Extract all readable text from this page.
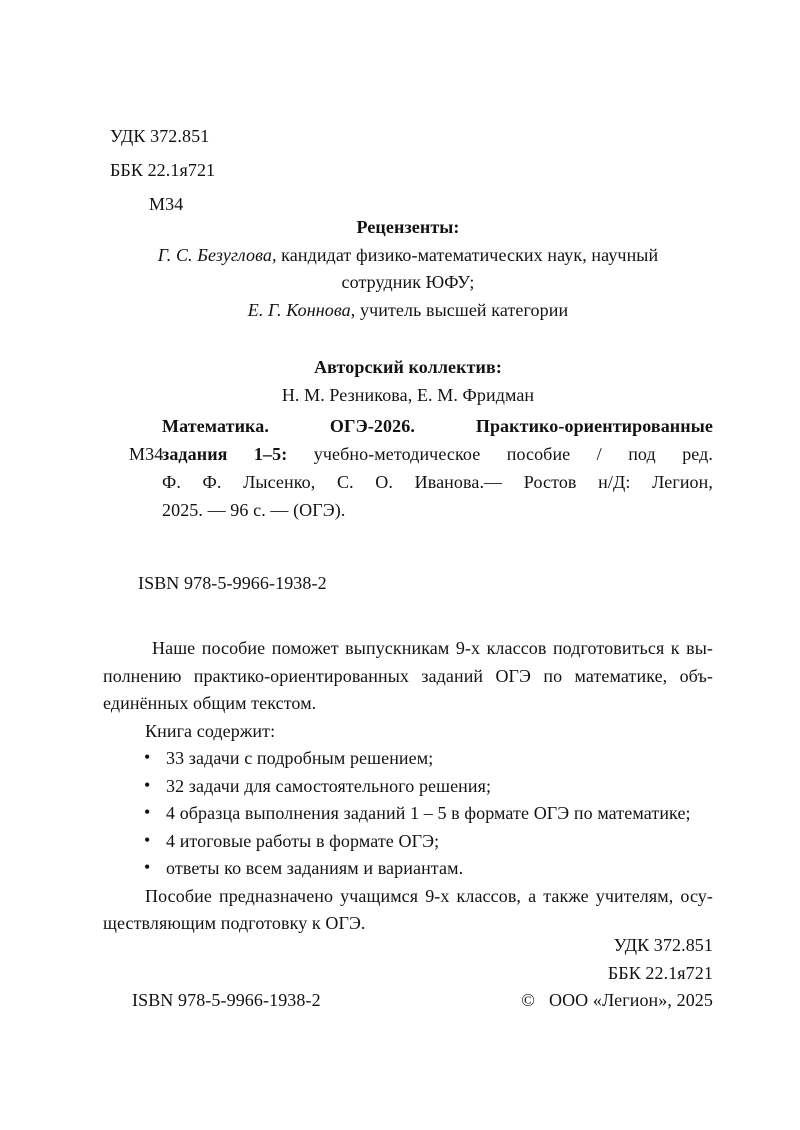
УДК 372.851
ББК 22.1я721
М34
Рецензенты:
Г. С. Безуглова, кандидат физико-математических наук, научный
сотрудник ЮФУ;
Е. Г. Коннова, учитель высшей категории
Авторский коллектив:
Н. М. Резникова, Е. М. Фридман
Математика. ОГЭ-2026. Практико-ориентированные
М34
задания 1–5: учебно-методическое пособие / под ред.
Ф. Ф. Лысенко, С. О. Иванова.— Ростов н/Д: Легион,
2025. — 96 с. — (ОГЭ).
ISBN 978-5-9966-1938-2
Наше пособие поможет выпускникам 9-х классов подготовиться к вы-
полнению практико-ориентированных заданий ОГЭ по математике, объ-
единённых общим текстом.
Книга содержит:
• 33 задачи с подробным решением;
• 32 задачи для самостоятельного решения;
• 4 образца выполнения заданий 1 – 5 в формате ОГЭ по математике;
• 4 итоговые работы в формате ОГЭ;
• ответы ко всем заданиям и вариантам.
Пособие предназначено учащимся 9-х классов, а также учителям, осу-
ществляющим подготовку к ОГЭ.
УДК 372.851
ББК 22.1я721
ISBN 978-5-9966-1938-2	© ООО «Легион», 2025
